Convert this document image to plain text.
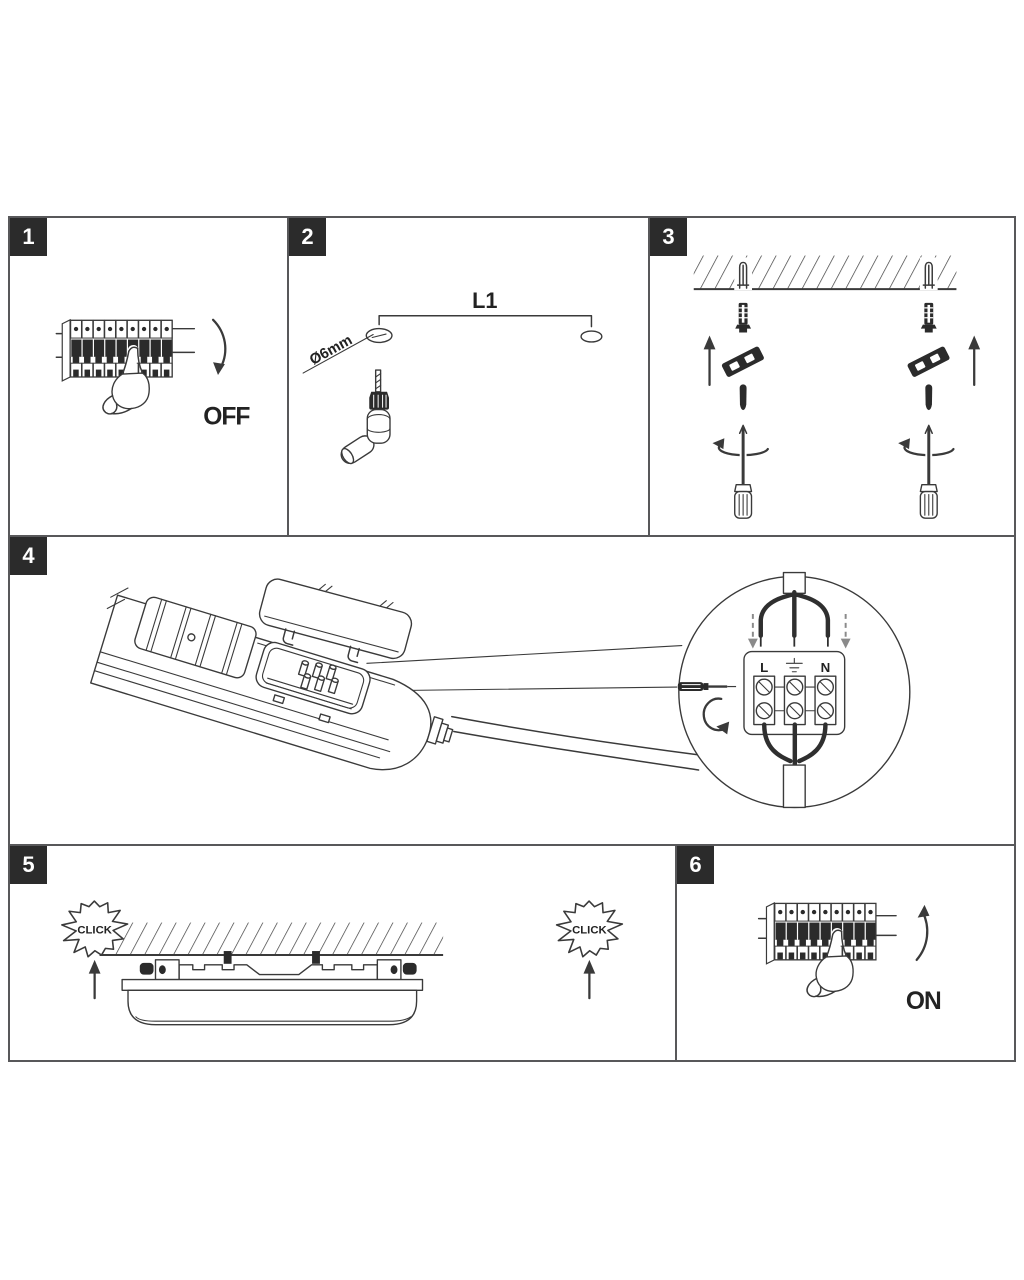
1
OFF
2
L1
Ø6mm
3
4
L	N
5
CLICK	CLICK
6
ON
